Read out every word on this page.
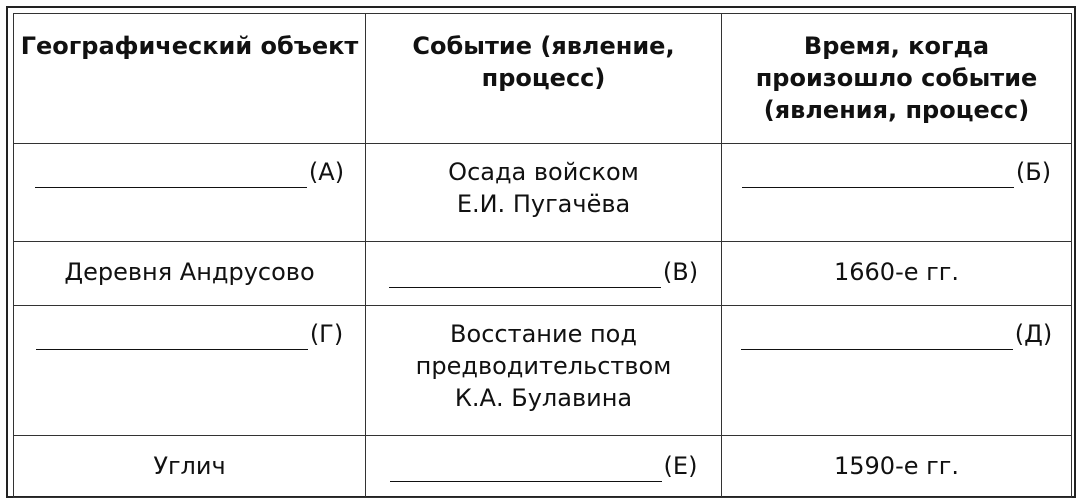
Географический объект	Событие (явление, процесс)	Время, когда произошло событие (явления, процесс)

(А)	Осада войском
Е.И. Пугачёва	(Б)

Деревня Андрусово	(В)	1660-е гг.

(Г)	Восстание под
предводительством
К.А. Булавина	(Д)

Углич	(Е)	1590-е гг.
